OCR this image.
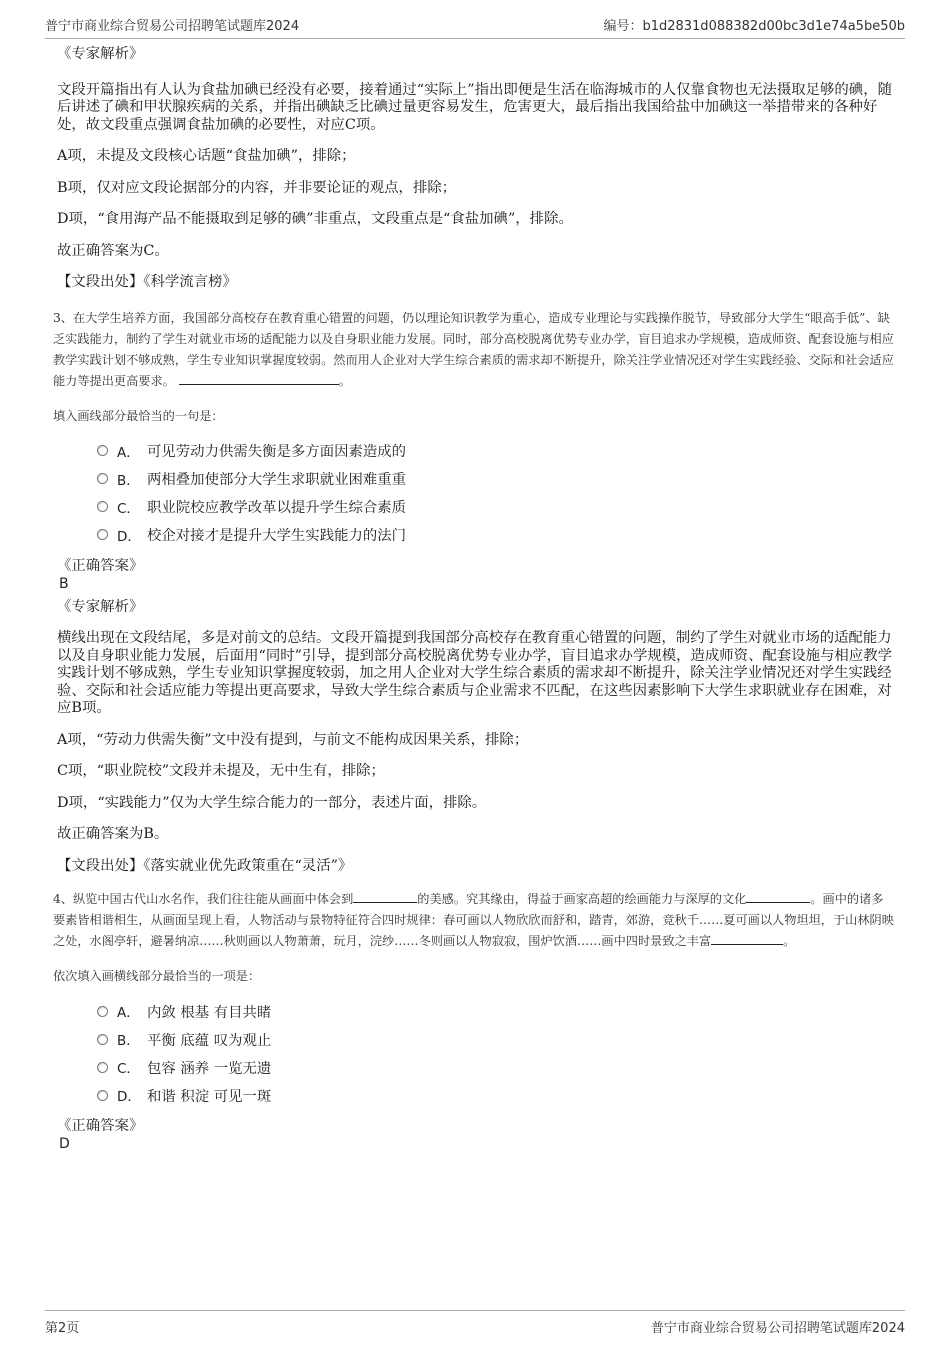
普宁市商业综合贸易公司招聘笔试题库2024	编号：b1d2831d088382d00bc3d1e74a5be50b

《专家解析》

文段开篇指出有人认为食盐加碘已经没有必要，接着通过“实际上”指出即便是生活在临海城市的人仅靠食物也无法摄取足够的碘，随后讲述了碘和甲状腺疾病的关系，并指出碘缺乏比碘过量更容易发生，危害更大，最后指出我国给盐中加碘这一举措带来的各种好处，故文段重点强调食盐加碘的必要性，对应C项。

A项，未提及文段核心话题“食盐加碘”，排除；

B项，仅对应文段论据部分的内容，并非要论证的观点，排除；

D项，“食用海产品不能摄取到足够的碘”非重点，文段重点是“食盐加碘”，排除。

故正确答案为C。

【文段出处】《科学流言榜》

3、在大学生培养方面，我国部分高校存在教育重心错置的问题，仍以理论知识教学为重心，造成专业理论与实践操作脱节，导致部分大学生“眼高手低”、缺乏实践能力，制约了学生对就业市场的适配能力以及自身职业能力发展。同时，部分高校脱离优势专业办学，盲目追求办学规模，造成师资、配套设施与相应教学实践计划不够成熟，学生专业知识掌握度较弱。然而用人企业对大学生综合素质的需求却不断提升，除关注学业情况还对学生实践经验、交际和社会适应能力等提出更高要求。	。

填入画线部分最恰当的一句是：

A． 可见劳动力供需失衡是多方面因素造成的
B． 两相叠加使部分大学生求职就业困难重重
C． 职业院校应教学改革以提升学生综合素质
D． 校企对接才是提升大学生实践能力的法门

《正确答案》

B

《专家解析》

横线出现在文段结尾，多是对前文的总结。文段开篇提到我国部分高校存在教育重心错置的问题，制约了学生对就业市场的适配能力以及自身职业能力发展，后面用“同时”引导，提到部分高校脱离优势专业办学，盲目追求办学规模，造成师资、配套设施与相应教学实践计划不够成熟，学生专业知识掌握度较弱，加之用人企业对大学生综合素质的需求却不断提升，除关注学业情况还对学生实践经验、交际和社会适应能力等提出更高要求，导致大学生综合素质与企业需求不匹配，在这些因素影响下大学生求职就业存在困难，对应B项。

A项，“劳动力供需失衡”文中没有提到，与前文不能构成因果关系，排除；

C项，“职业院校”文段并未提及，无中生有，排除；

D项，“实践能力”仅为大学生综合能力的一部分，表述片面，排除。

故正确答案为B。

【文段出处】《落实就业优先政策重在“灵活”》

4、纵览中国古代山水名作，我们往往能从画面中体会到	的美感。究其缘由，得益于画家高超的绘画能力与深厚的文化	。画中的诸多要素皆相谐相生，从画面呈现上看，人物活动与景物特征符合四时规律：春可画以人物欣欣而舒和，踏青，郊游，竞秋千……夏可画以人物坦坦，于山林阴映之处，水阁亭轩，避暑纳凉……秋则画以人物萧萧，玩月，浣纱……冬则画以人物寂寂，围炉饮酒……画中四时景致之丰富	。

依次填入画横线部分最恰当的一项是：

A． 内敛 根基 有目共睹
B． 平衡 底蕴 叹为观止
C． 包容 涵养 一览无遗
D． 和谐 积淀 可见一斑

《正确答案》

D

第2页	普宁市商业综合贸易公司招聘笔试题库2024
